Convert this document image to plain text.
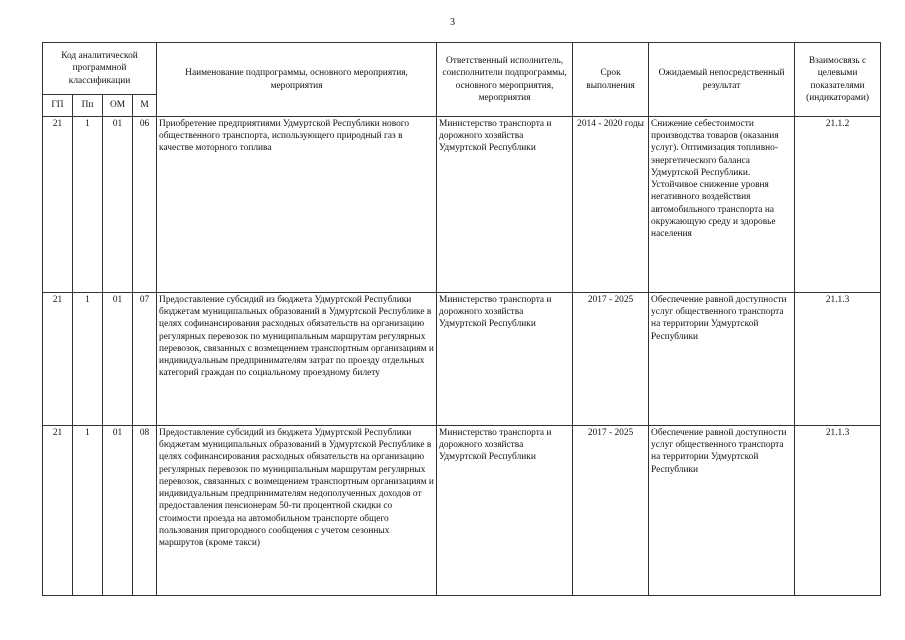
3
Код аналитической программной классификации				Наименование подпрограммы, основного мероприятия, мероприятия	Ответственный исполнитель, соисполнители подпрограммы, основного мероприятия, мероприятия	Срок выполнения	Ожидаемый непосредственный результат	Взаимосвязь с целевыми показателями (индикаторами)
ГП	Пп	ОМ	М					
21	1	01	06	Приобретение предприятиями Удмуртской Республики нового общественного транспорта, использующего природный газ в качестве моторного топлива	Министерство транспорта и дорожного хозяйства Удмуртской Республики	2014 - 2020 годы	Снижение себестоимости производства товаров (оказания услуг). Оптимизация топливно-энергетического баланса Удмуртской Республики. Устойчивое снижение уровня негативного воздействия автомобильного транспорта на окружающую среду и здоровье населения	21.1.2
21	1	01	07	Предоставление субсидий из бюджета Удмуртской Республики бюджетам муниципальных образований в Удмуртской Республике в целях софинансирования расходных обязательств на организацию регулярных перевозок по муниципальным маршрутам регулярных перевозок, связанных с возмещением транспортным организациям и индивидуальным предпринимателям затрат по проезду отдельных категорий граждан по социальному проездному билету	Министерство транспорта и дорожного хозяйства Удмуртской Республики	2017 - 2025	Обеспечение равной доступности услуг общественного транспорта на территории Удмуртской Республики	21.1.3
21	1	01	08	Предоставление субсидий из бюджета Удмуртской Республики бюджетам муниципальных образований в Удмуртской Республике в целях софинансирования расходных обязательств на организацию регулярных перевозок по муниципальным маршрутам регулярных перевозок, связанных с возмещением транспортным организациям и индивидуальным предпринимателям недополученных доходов от предоставления пенсионерам 50-ти процентной скидки со стоимости проезда на автомобильном транспорте общего пользования пригородного сообщения с учетом сезонных маршрутов (кроме такси)	Министерство транспорта и дорожного хозяйства Удмуртской Республики	2017 - 2025	Обеспечение равной доступности услуг общественного транспорта на территории Удмуртской Республики	21.1.3
